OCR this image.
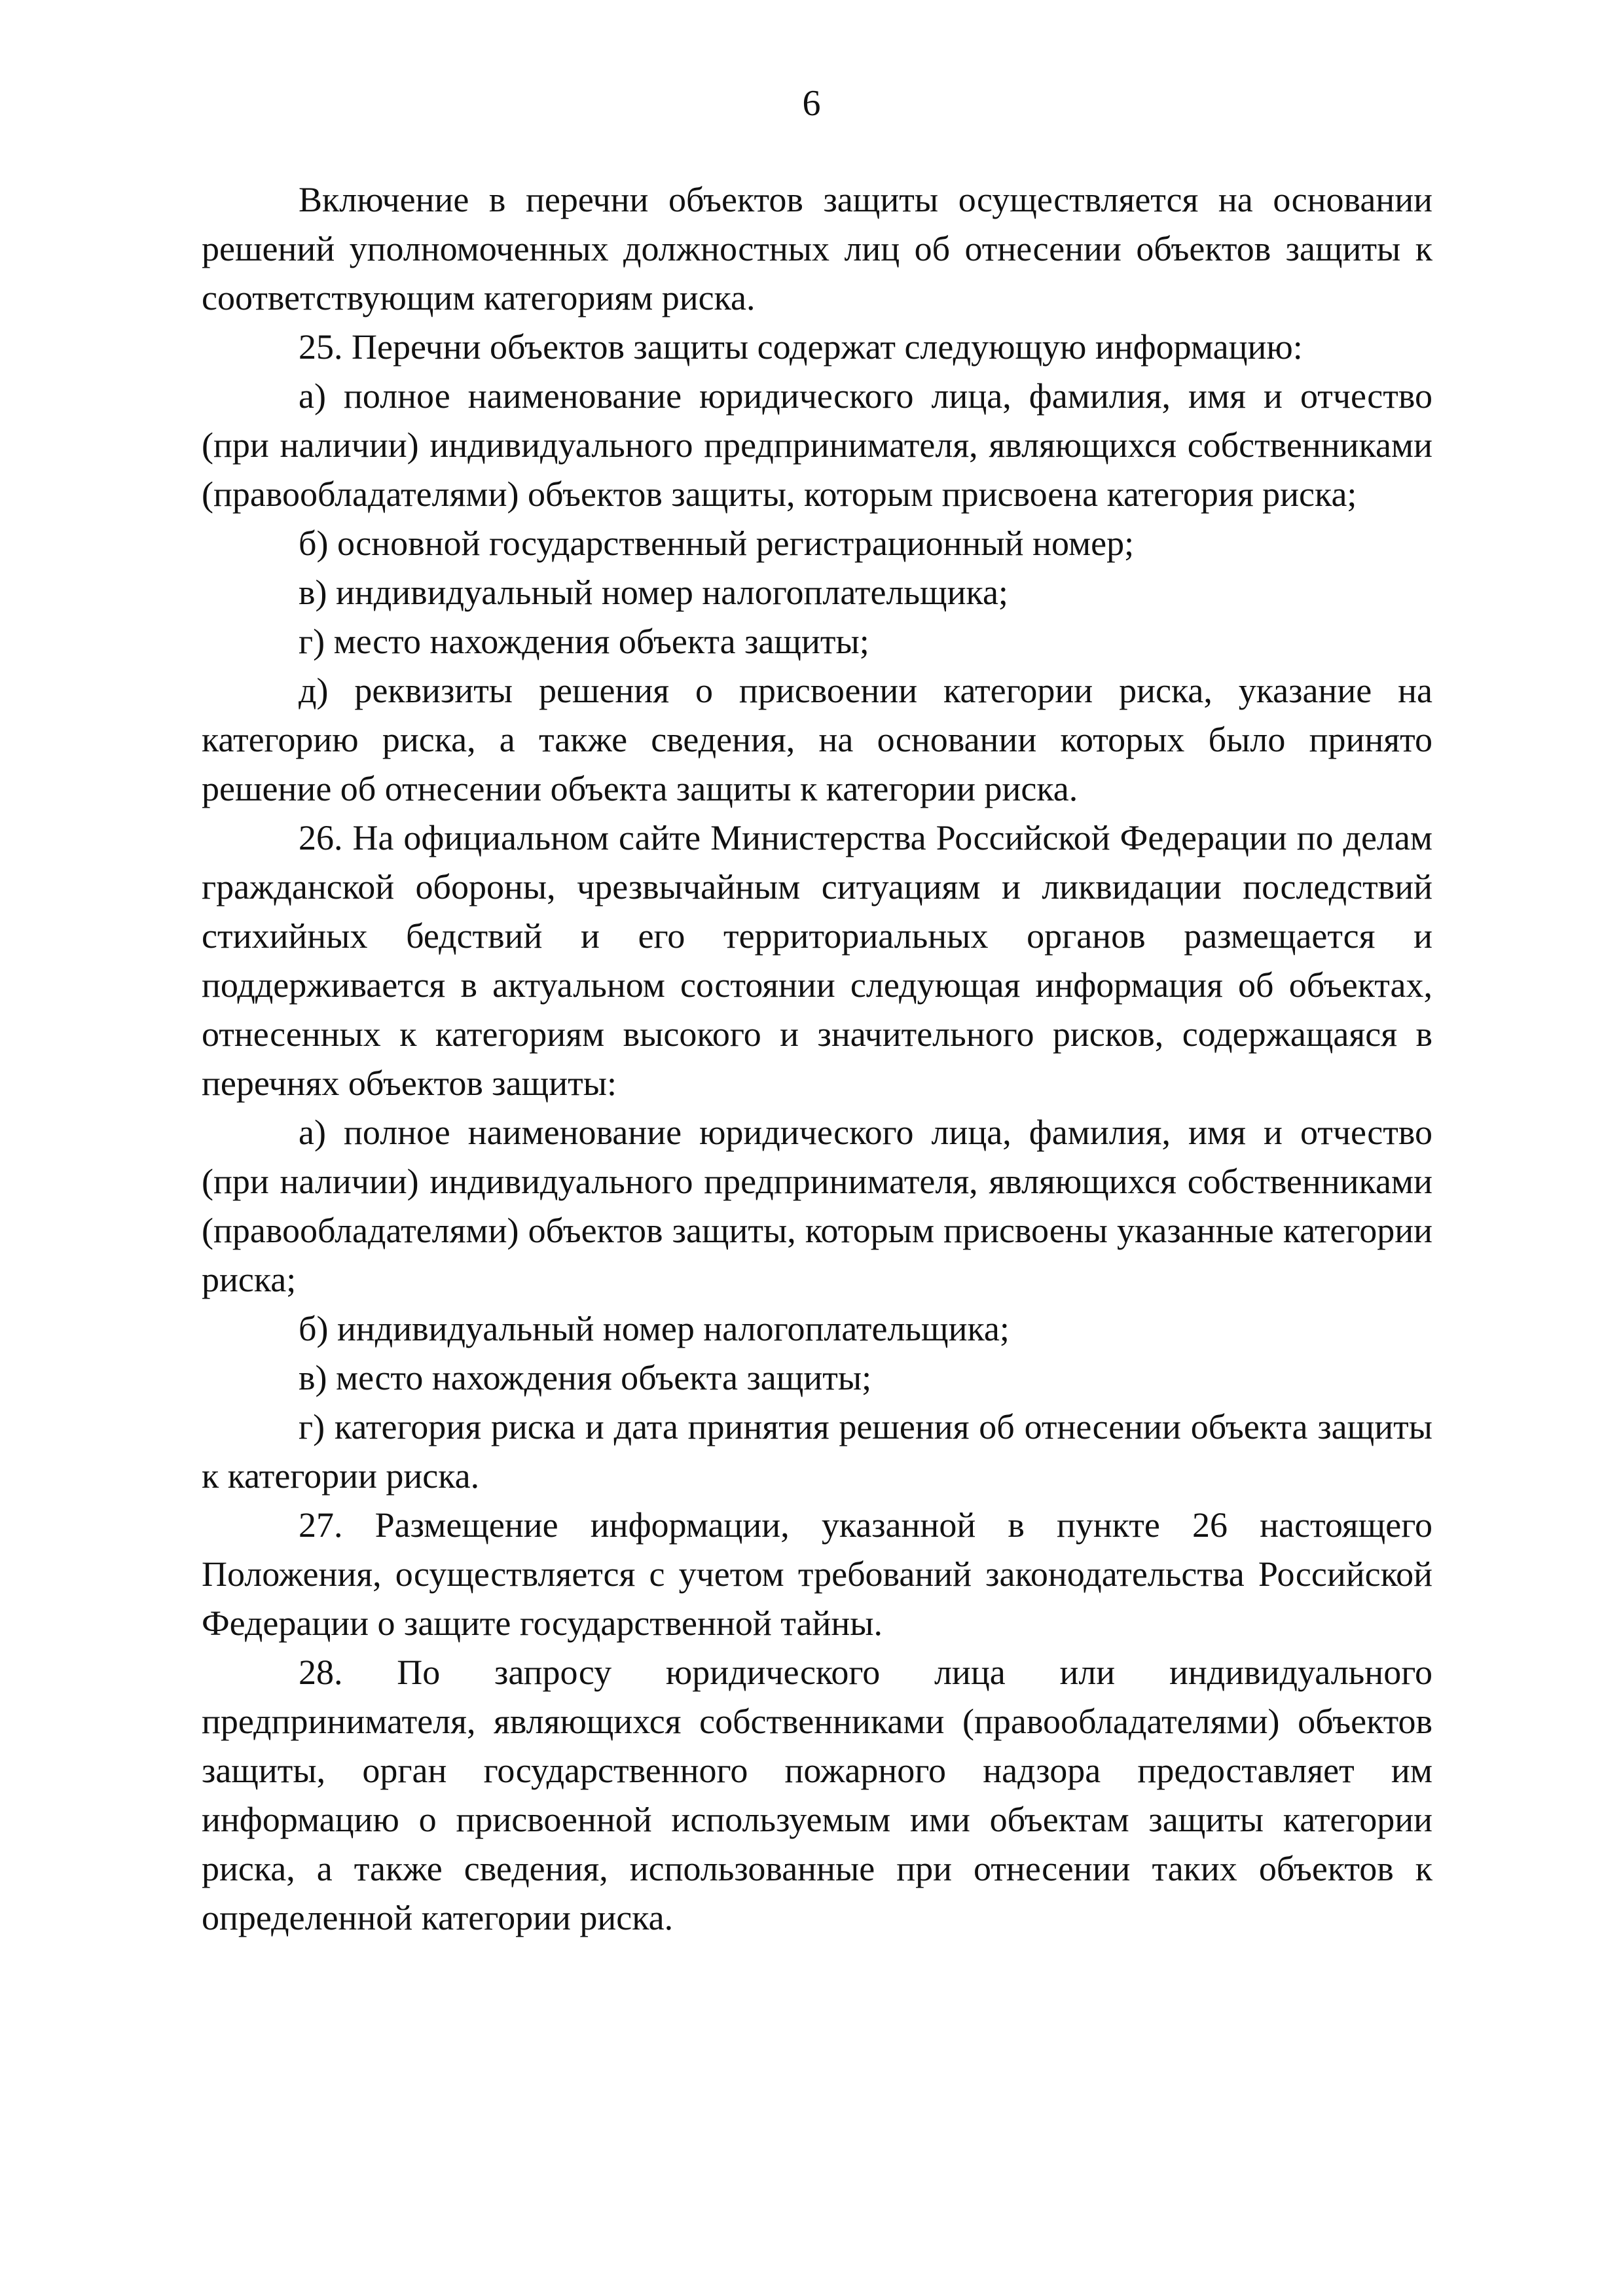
6

Включение в перечни объектов защиты осуществляется на основании решений уполномоченных должностных лиц об отнесении объектов защиты к соответствующим категориям риска.

25. Перечни объектов защиты содержат следующую информацию:

а) полное наименование юридического лица, фамилия, имя и отчество (при наличии) индивидуального предпринимателя, являющихся собственниками (правообладателями) объектов защиты, которым присвоена категория риска;

б) основной государственный регистрационный номер;

в) индивидуальный номер налогоплательщика;

г) место нахождения объекта защиты;

д) реквизиты решения о присвоении категории риска, указание на категорию риска, а также сведения, на основании которых было принято решение об отнесении объекта защиты к категории риска.

26. На официальном сайте Министерства Российской Федерации по делам гражданской обороны, чрезвычайным ситуациям и ликвидации последствий стихийных бедствий и его территориальных органов размещается и поддерживается в актуальном состоянии следующая информация об объектах, отнесенных к категориям высокого и значительного рисков, содержащаяся в перечнях объектов защиты:

а) полное наименование юридического лица, фамилия, имя и отчество (при наличии) индивидуального предпринимателя, являющихся собственниками (правообладателями) объектов защиты, которым присвоены указанные категории риска;

б) индивидуальный номер налогоплательщика;

в) место нахождения объекта защиты;

г) категория риска и дата принятия решения об отнесении объекта защиты к категории риска.

27. Размещение информации, указанной в пункте 26 настоящего Положения, осуществляется с учетом требований законодательства Российской Федерации о защите государственной тайны.

28. По запросу юридического лица или индивидуального предпринимателя, являющихся собственниками (правообладателями) объектов защиты, орган государственного пожарного надзора предоставляет им информацию о присвоенной используемым ими объектам защиты категории риска, а также сведения, использованные при отнесении таких объектов к определенной категории риска.
